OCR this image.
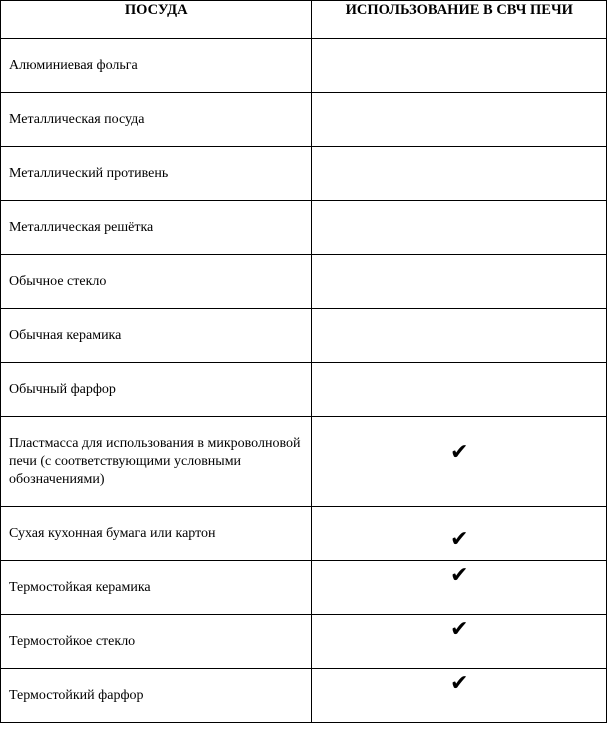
ПОСУДА	ИСПОЛЬЗОВАНИЕ В СВЧ ПЕЧИ
Алюминиевая фольга	
Металлическая посуда	
Металлический противень	
Металлическая решётка	
Обычное стекло	
Обычная керамика	
Обычный фарфор	
Пластмасса для использования в микроволновой печи (с соответствующими условными обозначениями)	✔
Сухая кухонная бумага или картон	✔
Термостойкая керамика	✔
Термостойкое стекло	✔
Термостойкий фарфор	✔
